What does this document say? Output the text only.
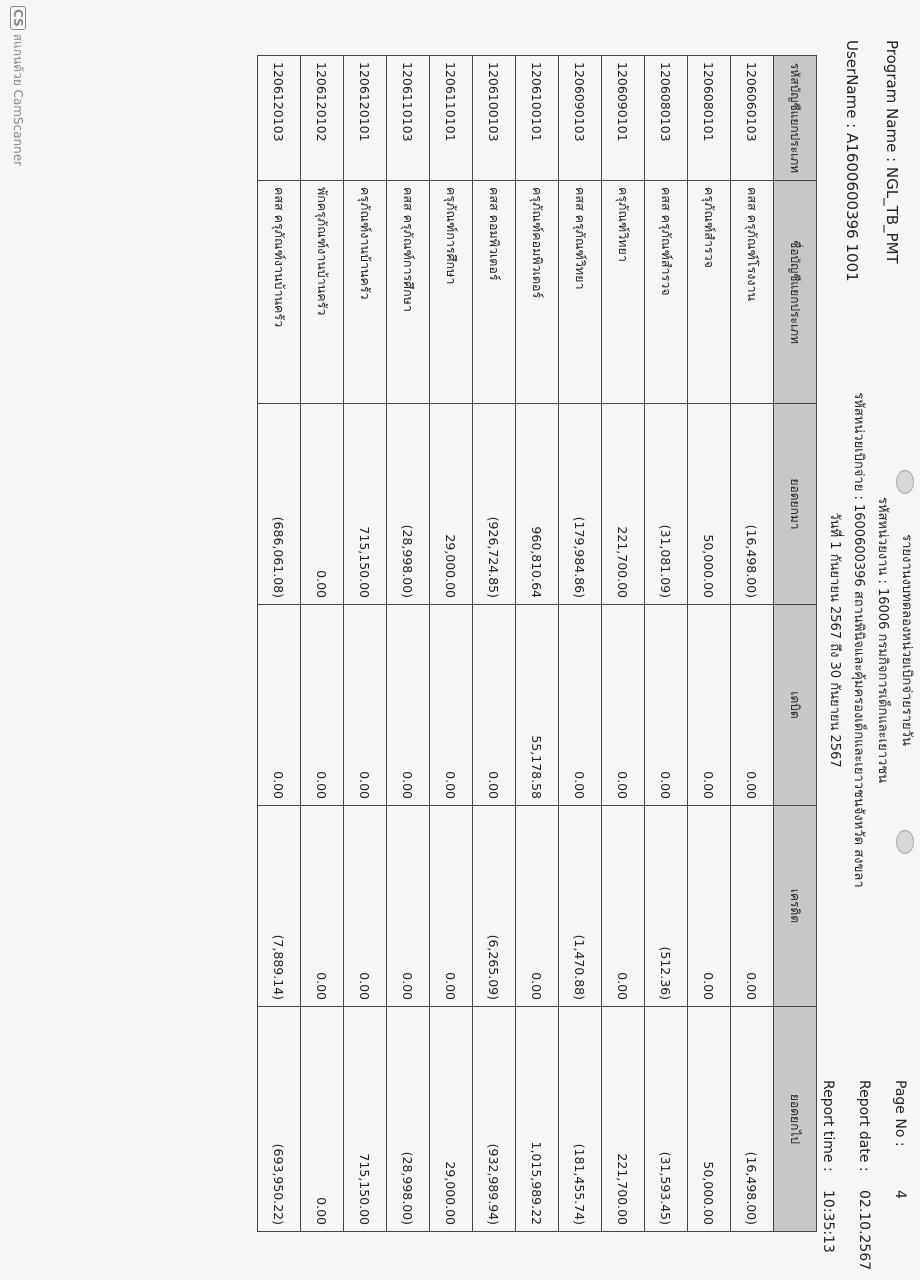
Program Name : NGL_TB_PMT
UserName : A1600600396 1001
รายงานงบทดลองหน่วยเบิกจ่ายรายวัน
รหัสหน่วยงาน : 16006 กรมกิจการเด็กและเยาวชน
รหัสหน่วยเบิกจ่าย : 1600600396 สถานพินิจและคุ้มครองเด็กและเยาวชนจังหวัด สงขลา
วันที่ 1 กันยายน 2567 ถึง 30 กันยายน 2567
Page No :
4
Report date :
02.10.2567
Report time :
10:35:13
รหัสบัญชีแยกประเภท	ชื่อบัญชีแยกประเภท	ยอดยกมา	เดบิต	เครดิต	ยอดยกไป
1206060103	คสส ครุภัณฑ์โรงงาน	(16,498.00)	0.00	0.00	(16,498.00)
1206080101	ครุภัณฑ์สำรวจ	50,000.00	0.00	0.00	50,000.00
1206080103	คสส ครุภัณฑ์สำรวจ	(31,081.09)	0.00	(512.36)	(31,593.45)
1206090101	ครุภัณฑ์วิทยา	221,700.00	0.00	0.00	221,700.00
1206090103	คสส ครุภัณฑ์วิทยา	(179,984.86)	0.00	(1,470.88)	(181,455.74)
1206100101	ครุภัณฑ์คอมพิวเตอร์	960,810.64	55,178.58	0.00	1,015,989.22
1206100103	คสส คอมพิวเตอร์	(926,724.85)	0.00	(6,265.09)	(932,989.94)
1206110101	ครุภัณฑ์การศึกษา	29,000.00	0.00	0.00	29,000.00
1206110103	คสส ครุภัณฑ์การศึกษา	(28,998.00)	0.00	0.00	(28,998.00)
1206120101	ครุภัณฑ์งานบ้านครัว	715,150.00	0.00	0.00	715,150.00
1206120102	พักครุภัณฑ์งานบ้านครัว	0.00	0.00	0.00	0.00
1206120103	คสส ครุภัณฑ์งานบ้านครัว	(686,061.08)	0.00	(7,889.14)	(693,950.22)
CSสแกนด้วย CamScanner
